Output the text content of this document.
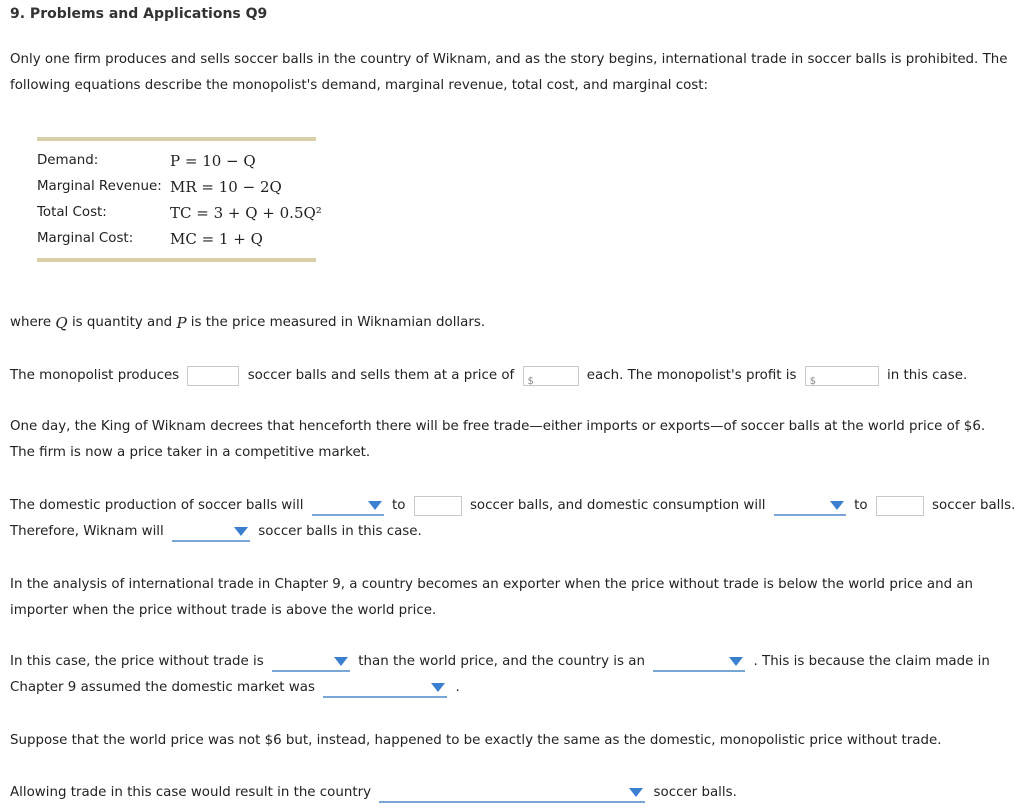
9. Problems and Applications Q9
Only one firm produces and sells soccer balls in the country of Wiknam, and as the story begins, international trade in soccer balls is prohibited. The following equations describe the monopolist's demand, marginal revenue, total cost, and marginal cost:
Demand:	P = 10 − Q
Marginal Revenue: MR = 10 − 2Q
Total Cost:	TC = 3 + Q + 0.5Q²
Marginal Cost: MC = 1 + Q
where Q is quantity and P is the price measured in Wiknamian dollars.
The monopolist produces	soccer balls and sells them at a price of $	each. The monopolist's profit is $	in this case.
One day, the King of Wiknam decrees that henceforth there will be free trade—either imports or exports—of soccer balls at the world price of $6. The firm is now a price taker in a competitive market.
The domestic production of soccer balls will	to	soccer balls, and domestic consumption will	to	soccer balls.
Therefore, Wiknam will	soccer balls in this case.
In the analysis of international trade in Chapter 9, a country becomes an exporter when the price without trade is below the world price and an importer when the price without trade is above the world price.
In this case, the price without trade is	than the world price, and the country is an	. This is because the claim made in
Chapter 9 assumed the domestic market was	.
Suppose that the world price was not $6 but, instead, happened to be exactly the same as the domestic, monopolistic price without trade.
Allowing trade in this case would result in the country	soccer balls.
